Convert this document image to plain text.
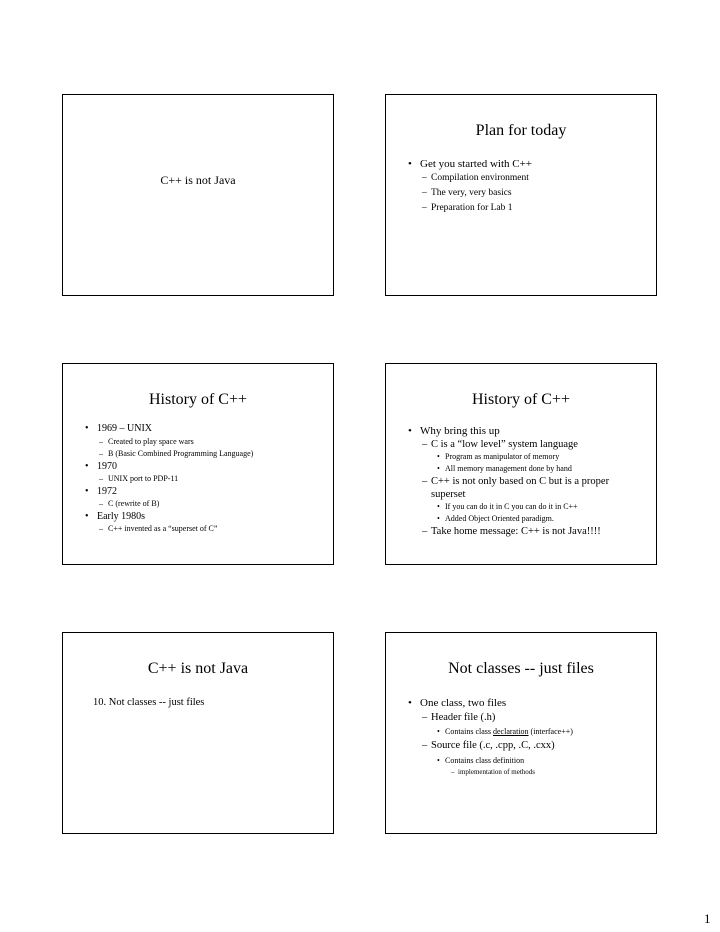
C++ is not Java
Plan for today
• Get you started with C++
– Compilation environment
– The very, very basics
– Preparation for Lab 1
History of C++
• 1969 – UNIX
– Created to play space wars
– B (Basic Combined Programming Language)
• 1970
– UNIX port to PDP-11
• 1972
– C (rewrite of B)
• Early 1980s
– C++ invented as a “superset of C”
History of C++
• Why bring this up
– C is a “low level” system language
• Program as manipulator of memory
• All memory management done by hand
– C++ is not only based on C but is a proper
superset
• If you can do it in C you can do it in C++
• Added Object Oriented paradigm.
– Take home message: C++ is not Java!!!!
C++ is not Java
10. Not classes -- just files
Not classes -- just files
• One class, two files
– Header file (.h)
• Contains class declaration (interface++)
– Source file (.c, .cpp, .C, .cxx)
• Contains class definition
– implementation of methods
1
